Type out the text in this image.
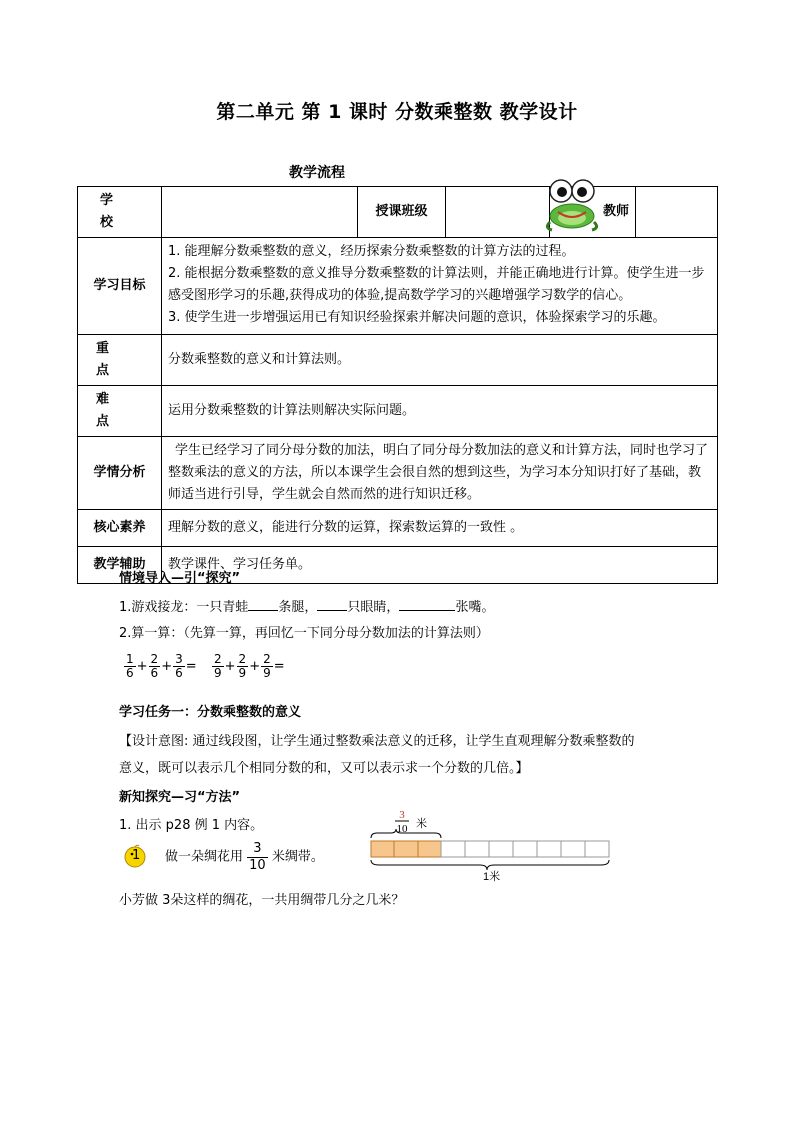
第二单元 第 1 课时 分数乘整数 教学设计
教学流程
学 校		授课班级		教师	
学习目标	1. 能理解分数乘整数的意义，经历探索分数乘整数的计算方法的过程。
2. 能根据分数乘整数的意义推导分数乘整数的计算法则，并能正确地进行计算。使学生进一步感受图形学习的乐趣,获得成功的体验,提高数学学习的兴趣增强学习数学的信心。
3. 使学生进一步增强运用已有知识经验探索并解决问题的意识，体验探索学习的乐趣。				

重 点	分数乘整数的意义和计算法则。				
难 点	运用分数乘整数的计算法则解决实际问题。				
学情分析	学生已经学习了同分母分数的加法，明白了同分母分数加法的意义和计算方法，同时也学习了整数乘法的意义的方法，所以本课学生会很自然的想到这些，为学习本分知识打好了基础，教师适当进行引导，学生就会自然而然的进行知识迁移。				
核心素养	理解分数的意义，能进行分数的运算，探索数运算的一致性 。				
教学辅助	教学课件、学习任务单。				
情境导入—引“探究”
1.游戏接龙：一只青蛙 条腿， 只眼睛，	张嘴。
2.算一算：（先算一算，再回忆一下同分母分数加法的计算法则）
$\frac{1}{6} + \frac{2}{6} + \frac{3}{6} = \frac{2}{9} + \frac{2}{9} + \frac{2}{9}$ =
学习任务一：分数乘整数的意义
【设计意图: 通过线段图，让学生通过整数乘法意义的迁移，让学生直观理解分数乘整数的
意义，既可以表示几个相同分数的和，又可以表示求一个分数的几倍。】
新知探究—习“方法”
1. 出示 p28 例 1 内容。
1 做一朵绸花用 $\frac{3}{10}$ 米绸带。
3
10 米
1米
小芳做 3朵这样的绸花，一共用绸带几分之几米？
